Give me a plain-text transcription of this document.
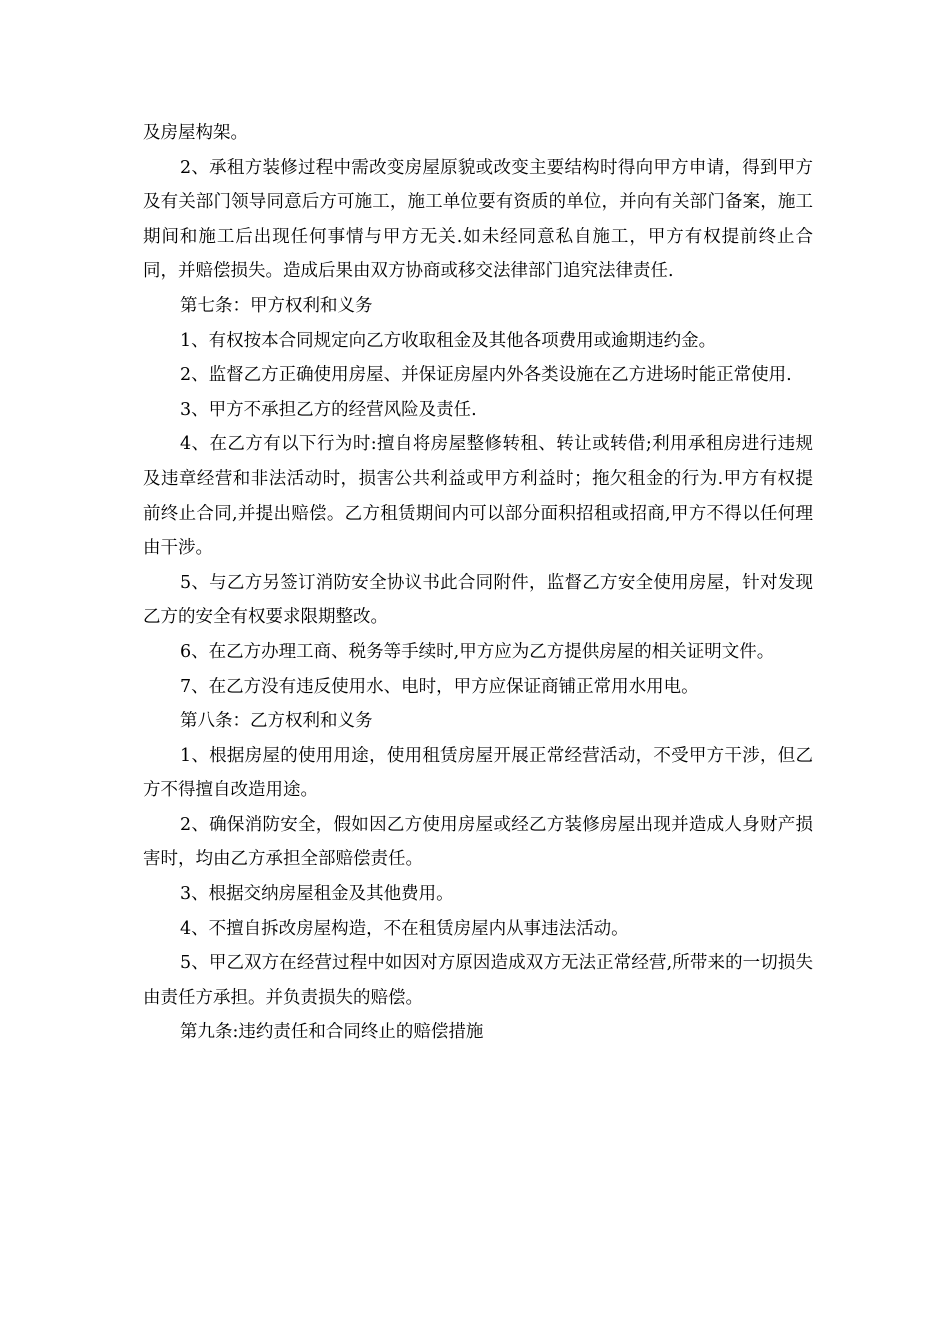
及房屋构架。

2、承租方装修过程中需改变房屋原貌或改变主要结构时得向甲方申请，得到甲方及有关部门领导同意后方可施工，施工单位要有资质的单位，并向有关部门备案，施工期间和施工后出现任何事情与甲方无关.如未经同意私自施工，甲方有权提前终止合同，并赔偿损失。造成后果由双方协商或移交法律部门追究法律责任.

第七条：甲方权利和义务

1、有权按本合同规定向乙方收取租金及其他各项费用或逾期违约金。

2、监督乙方正确使用房屋、并保证房屋内外各类设施在乙方进场时能正常使用.

3、甲方不承担乙方的经营风险及责任.

4、在乙方有以下行为时:擅自将房屋整修转租、转让或转借;利用承租房进行违规及违章经营和非法活动时，损害公共利益或甲方利益时；拖欠租金的行为.甲方有权提前终止合同,并提出赔偿。乙方租赁期间内可以部分面积招租或招商,甲方不得以任何理由干涉。

5、与乙方另签订消防安全协议书此合同附件，监督乙方安全使用房屋，针对发现乙方的安全有权要求限期整改。

6、在乙方办理工商、税务等手续时,甲方应为乙方提供房屋的相关证明文件。

7、在乙方没有违反使用水、电时，甲方应保证商铺正常用水用电。

第八条：乙方权利和义务

1、根据房屋的使用用途，使用租赁房屋开展正常经营活动，不受甲方干涉，但乙方不得擅自改造用途。

2、确保消防安全，假如因乙方使用房屋或经乙方装修房屋出现并造成人身财产损害时，均由乙方承担全部赔偿责任。

3、根据交纳房屋租金及其他费用。

4、不擅自拆改房屋构造，不在租赁房屋内从事违法活动。

5、甲乙双方在经营过程中如因对方原因造成双方无法正常经营,所带来的一切损失由责任方承担。并负责损失的赔偿。

第九条:违约责任和合同终止的赔偿措施
